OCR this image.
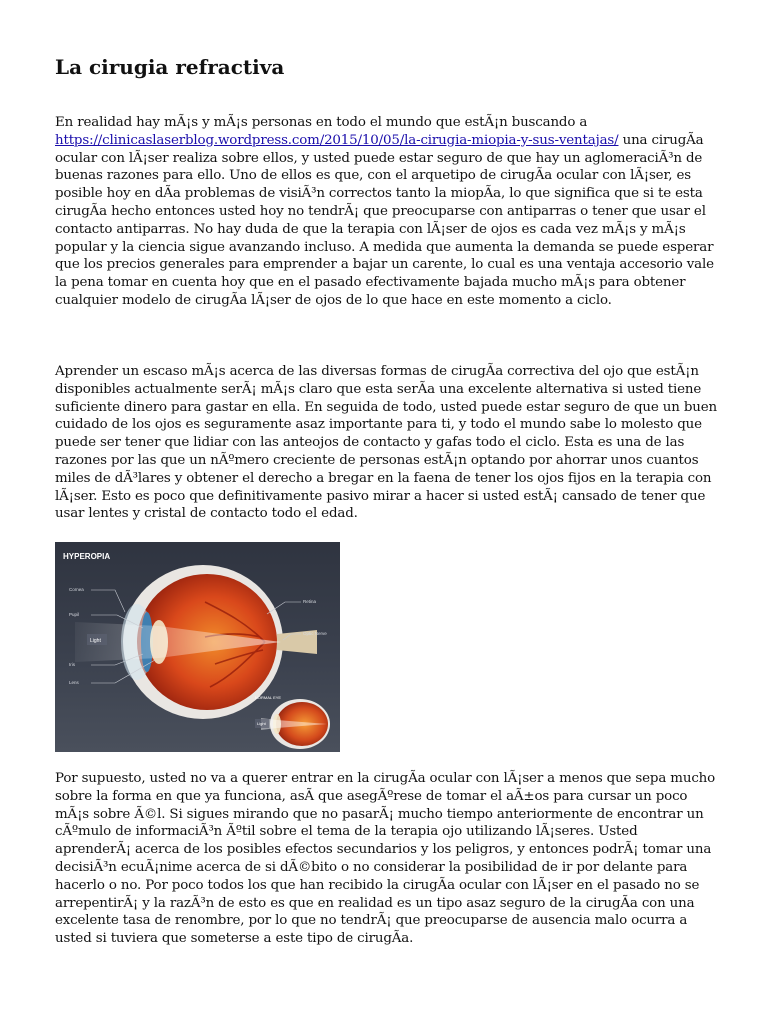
La cirugia refractiva

En realidad hay mÃ¡s y mÃ¡s personas en todo el mundo que estÃ¡n buscando a https://clinicaslaserblog.wordpress.com/2015/10/05/la-cirugia-miopia-y-sus-ventajas/ una cirugÃa ocular con lÃ¡ser realiza sobre ellos, y usted puede estar seguro de que hay un aglomeraciÃ³n de buenas razones para ello. Uno de ellos es que, con el arquetipo de cirugÃa ocular con lÃ¡ser, es posible hoy en dÃa problemas de visiÃ³n correctos tanto la miopÃa, lo que significa que si te esta cirugÃa hecho entonces usted hoy no tendrÃ¡ que preocuparse con antiparras o tener que usar el contacto antiparras. No hay duda de que la terapia con lÃ¡ser de ojos es cada vez mÃ¡s y mÃ¡s popular y la ciencia sigue avanzando incluso. A medida que aumenta la demanda se puede esperar que los precios generales para emprender a bajar un carente, lo cual es una ventaja accesorio vale la pena tomar en cuenta hoy que en el pasado efectivamente bajada mucho mÃ¡s para obtener cualquier modelo de cirugÃa lÃ¡ser de ojos de lo que hace en este momento a ciclo.

Aprender un escaso mÃ¡s acerca de las diversas formas de cirugÃa correctiva del ojo que estÃ¡n disponibles actualmente serÃ¡ mÃ¡s claro que esta serÃa una excelente alternativa si usted tiene suficiente dinero para gastar en ella. En seguida de todo, usted puede estar seguro de que un buen cuidado de los ojos es seguramente asaz importante para ti, y todo el mundo sabe lo molesto que puede ser tener que lidiar con las anteojos de contacto y gafas todo el ciclo. Esta es una de las razones por las que un nÃºmero creciente de personas estÃ¡n optando por ahorrar unos cuantos miles de dÃ³lares y obtener el derecho a bregar en la faena de tener los ojos fijos en la terapia con lÃ¡ser. Esto es poco que definitivamente pasivo mirar a hacer si usted estÃ¡ cansado de tener que usar lentes y cristal de contacto todo el edad.

HYPEROPIA
Cornea
Pupil
Iris
Lens
Retina
Optic Nerve
Light
NORMAL EYE
Light

Por supuesto, usted no va a querer entrar en la cirugÃa ocular con lÃ¡ser a menos que sepa mucho sobre la forma en que ya funciona, asÃ que asegÃºrese de tomar el aÃ±os para cursar un poco mÃ¡s sobre Ã©l. Si sigues mirando que no pasarÃ¡ mucho tiempo anteriormente de encontrar un cÃºmulo de informaciÃ³n Ãºtil sobre el tema de la terapia ojo utilizando lÃ¡seres. Usted aprenderÃ¡ acerca de los posibles efectos secundarios y los peligros, y entonces podrÃ¡ tomar una decisiÃ³n ecuÃ¡nime acerca de si dÃ©bito o no considerar la posibilidad de ir por delante para hacerlo o no. Por poco todos los que han recibido la cirugÃa ocular con lÃ¡ser en el pasado no se arrepentirÃ¡ y la razÃ³n de esto es que en realidad es un tipo asaz seguro de la cirugÃa con una excelente tasa de renombre, por lo que no tendrÃ¡ que preocuparse de ausencia malo ocurra a usted si tuviera que someterse a este tipo de cirugÃa.
